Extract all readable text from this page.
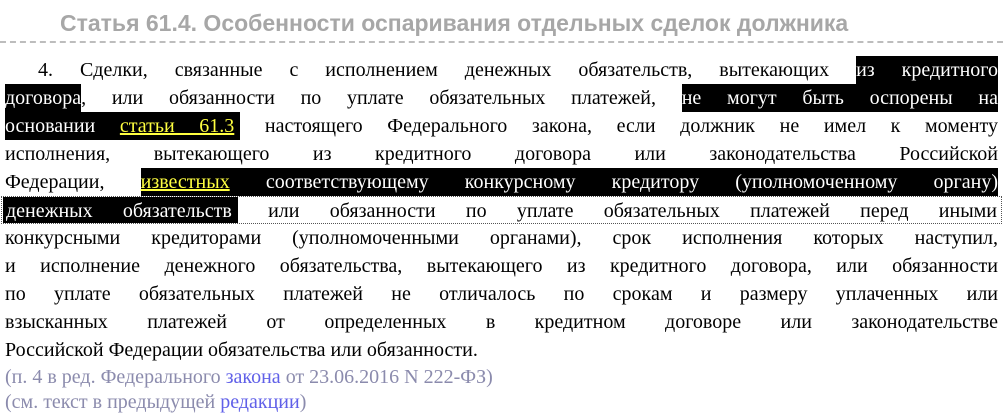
Статья 61.4. Особенности оспаривания отдельных сделок должника
4. Сделки, связанные с исполнением денежных обязательств, вытекающих из кредитного
договора, или обязанности по уплате обязательных платежей, не могут быть оспорены на
основании статьи 61.3 настоящего Федерального закона, если должник не имел к моменту
исполнения, вытекающего из кредитного договора или законодательства Российской
Федерации, известных соответствующему конкурсному кредитору (уполномоченному органу)
денежных обязательств или обязанности по уплате обязательных платежей перед иными
конкурсными кредиторами (уполномоченными органами), срок исполнения которых наступил,
и исполнение денежного обязательства, вытекающего из кредитного договора, или обязанности
по уплате обязательных платежей не отличалось по срокам и размеру уплаченных или
взысканных платежей от определенных в кредитном договоре или законодательстве
Российской Федерации обязательства или обязанности.
(п. 4 в ред. Федерального закона от 23.06.2016 N 222-ФЗ)
(см. текст в предыдущей редакции)
